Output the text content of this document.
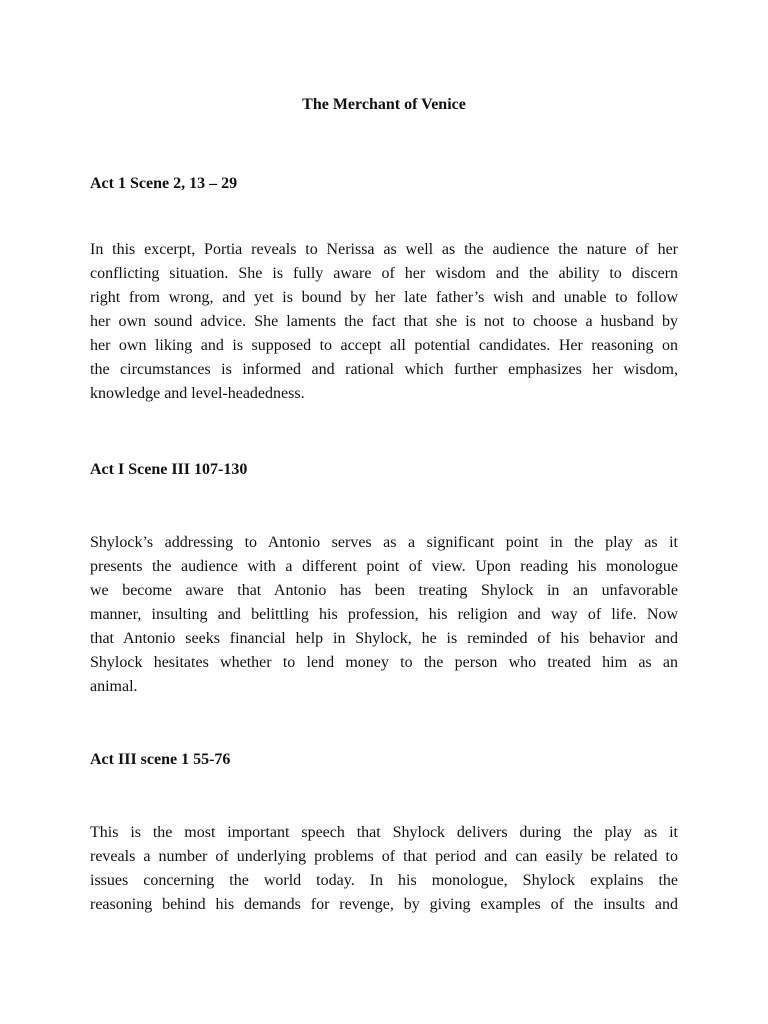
The Merchant of Venice
Act 1 Scene 2, 13 – 29
In this excerpt, Portia reveals to Nerissa as well as the audience the nature of her
conflicting situation. She is fully aware of her wisdom and the ability to discern
right from wrong, and yet is bound by her late father’s wish and unable to follow
her own sound advice. She laments the fact that she is not to choose a husband by
her own liking and is supposed to accept all potential candidates. Her reasoning on
the circumstances is informed and rational which further emphasizes her wisdom,
knowledge and level-headedness.
Act I Scene III 107-130
Shylock’s addressing to Antonio serves as a significant point in the play as it
presents the audience with a different point of view. Upon reading his monologue
we become aware that Antonio has been treating Shylock in an unfavorable
manner, insulting and belittling his profession, his religion and way of life. Now
that Antonio seeks financial help in Shylock, he is reminded of his behavior and
Shylock hesitates whether to lend money to the person who treated him as an
animal.
Act III scene 1 55-76
This is the most important speech that Shylock delivers during the play as it
reveals a number of underlying problems of that period and can easily be related to
issues concerning the world today. In his monologue, Shylock explains the
reasoning behind his demands for revenge, by giving examples of the insults and
